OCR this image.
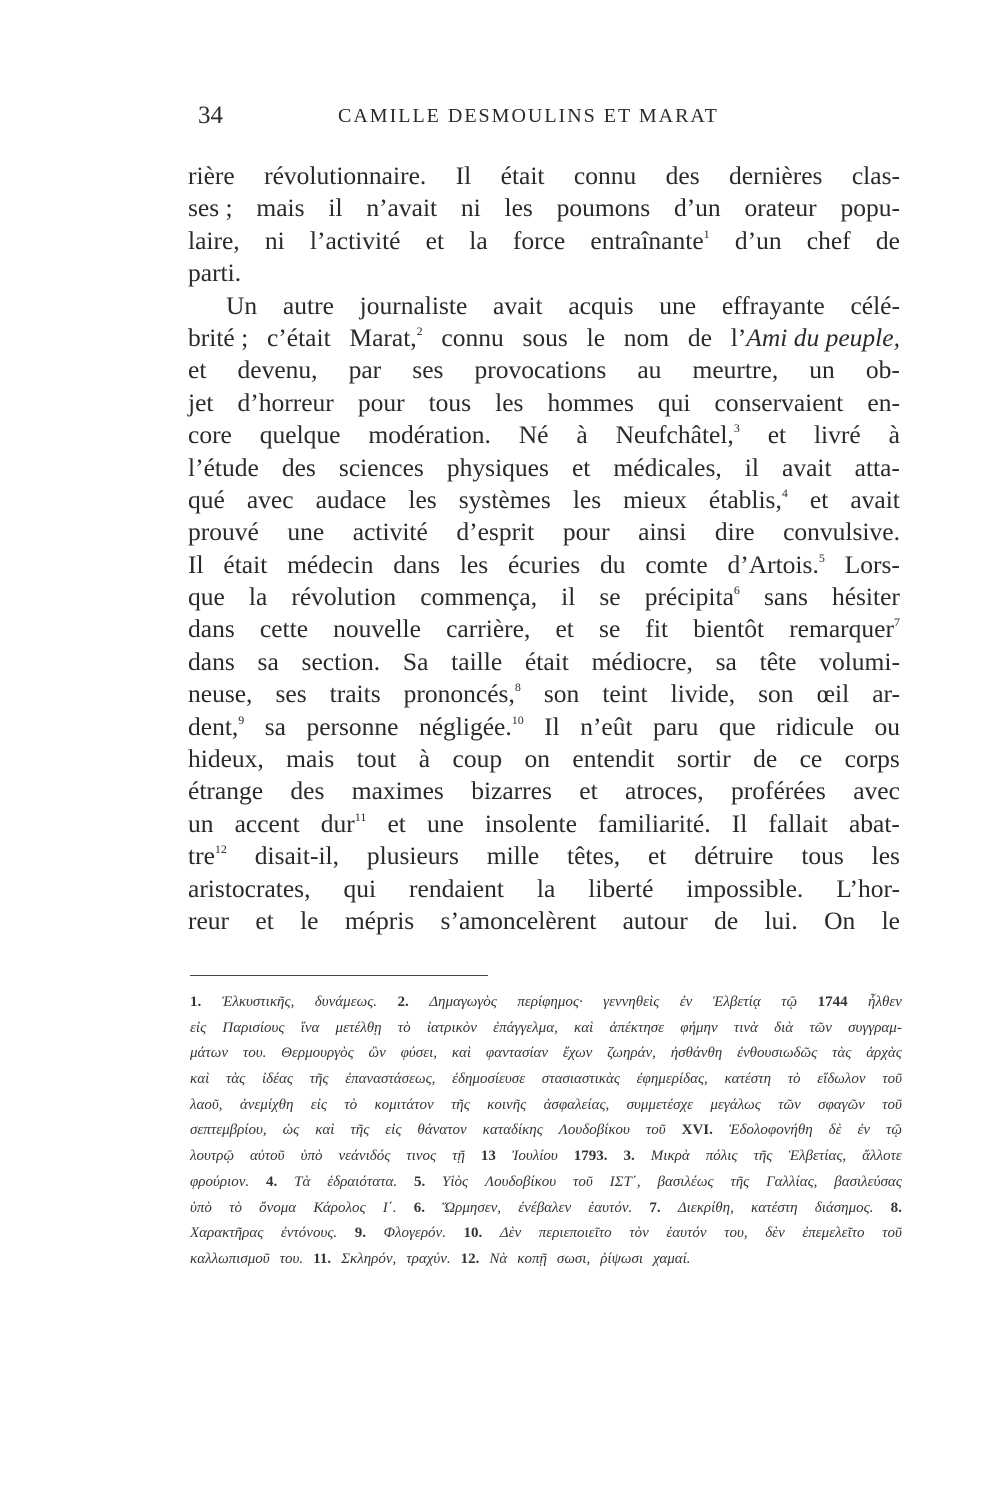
34	CAMILLE DESMOULINS ET MARAT
rière révolutionnaire. Il était connu des dernières clas-
ses ; mais il n’avait ni les poumons d’un orateur popu-
laire, ni l’activité et la force entraînante$^1$ d’un chef de
parti.
Un autre journaliste avait acquis une effrayante célé-
brité ; c’était Marat,$^2$ connu sous le nom de l’Ami du peuple,
et devenu, par ses provocations au meurtre, un ob-
jet d’horreur pour tous les hommes qui conservaient en-
core quelque modération. Né à Neufchâtel,$^3$ et livré à
l’étude des sciences physiques et médicales, il avait atta-
qué avec audace les systèmes les mieux établis,$^4$ et avait
prouvé une activité d’esprit pour ainsi dire convulsive.
Il était médecin dans les écuries du comte d’Artois.$^5$ Lors-
que la révolution commença, il se précipita$^6$ sans hésiter
dans cette nouvelle carrière, et se fit bientôt remarquer$^7$
dans sa section. Sa taille était médiocre, sa tête volumi-
neuse, ses traits prononcés,$^8$ son teint livide, son œil ar-
dent,$^9$ sa personne négligée.$^{10}$ Il n’eût paru que ridicule ou
hideux, mais tout à coup on entendit sortir de ce corps
étrange des maximes bizarres et atroces, proférées avec
un accent dur$^{11}$ et une insolente familiarité. Il fallait abat-
tre$^{12}$ disait-il, plusieurs mille têtes, et détruire tous les
aristocrates, qui rendaient la liberté impossible. L’hor-
reur et le mépris s’amoncelèrent autour de lui. On le
1. Ἐλκυστικῆς, δυνάμεως. 2. Δημαγωγὸς περίφημος· γεννηθεὶς ἐν Ἑλβετίᾳ τῷ 1744 ἦλθεν
εἰς Παρισίους ἵνα μετέλθῃ τὸ ἰατρικὸν ἐπάγγελμα, καὶ ἀπέκτησε φήμην τινὰ διὰ τῶν συγγραμ-
μάτων του. Θερμουργὸς ὢν φύσει, καὶ φαντασίαν ἔχων ζωηράν, ἠσθάνθη ἐνθουσιωδῶς τὰς ἀρχὰς
καὶ τὰς ἰδέας τῆς ἐπαναστάσεως, ἐδημοσίευσε στασιαστικὰς ἐφημερίδας, κατέστη τὸ εἴδωλον τοῦ
λαοῦ, ἀνεμίχθη εἰς τὸ κομιτάτον τῆς κοινῆς ἀσφαλείας, συμμετέσχε μεγάλως τῶν σφαγῶν τοῦ
σεπτεμβρίου, ὡς καὶ τῆς εἰς θάνατον καταδίκης Λουδοβίκου τοῦ XVI. Ἐδολοφονήθη δὲ ἐν τῷ
λουτρῷ αὐτοῦ ὑπὸ νεάνιδός τινος τῇ 13 Ἰουλίου 1793. 3. Μικρὰ πόλις τῆς Ἑλβετίας, ἄλλοτε
φρούριον. 4. Τὰ ἑδραιότατα. 5. Υἱὸς Λουδοβίκου τοῦ ΙΣΤ΄, βασιλέως τῆς Γαλλίας, βασιλεύσας
ὑπὸ τὸ ὄνομα Κάρολος Ι΄. 6. Ὥρμησεν, ἐνέβαλεν ἑαυτόν. 7. Διεκρίθη, κατέστη διάσημος. 8.
Χαρακτῆρας ἐντόνους. 9. Φλογερόν. 10. Δὲν περιεποιεῖτο τὸν ἑαυτόν του, δὲν ἐπεμελεῖτο τοῦ
καλλωπισμοῦ του. 11. Σκληρόν, τραχύν. 12. Νὰ κοπῇ σωσι, ῥίψωσι χαμαί.
